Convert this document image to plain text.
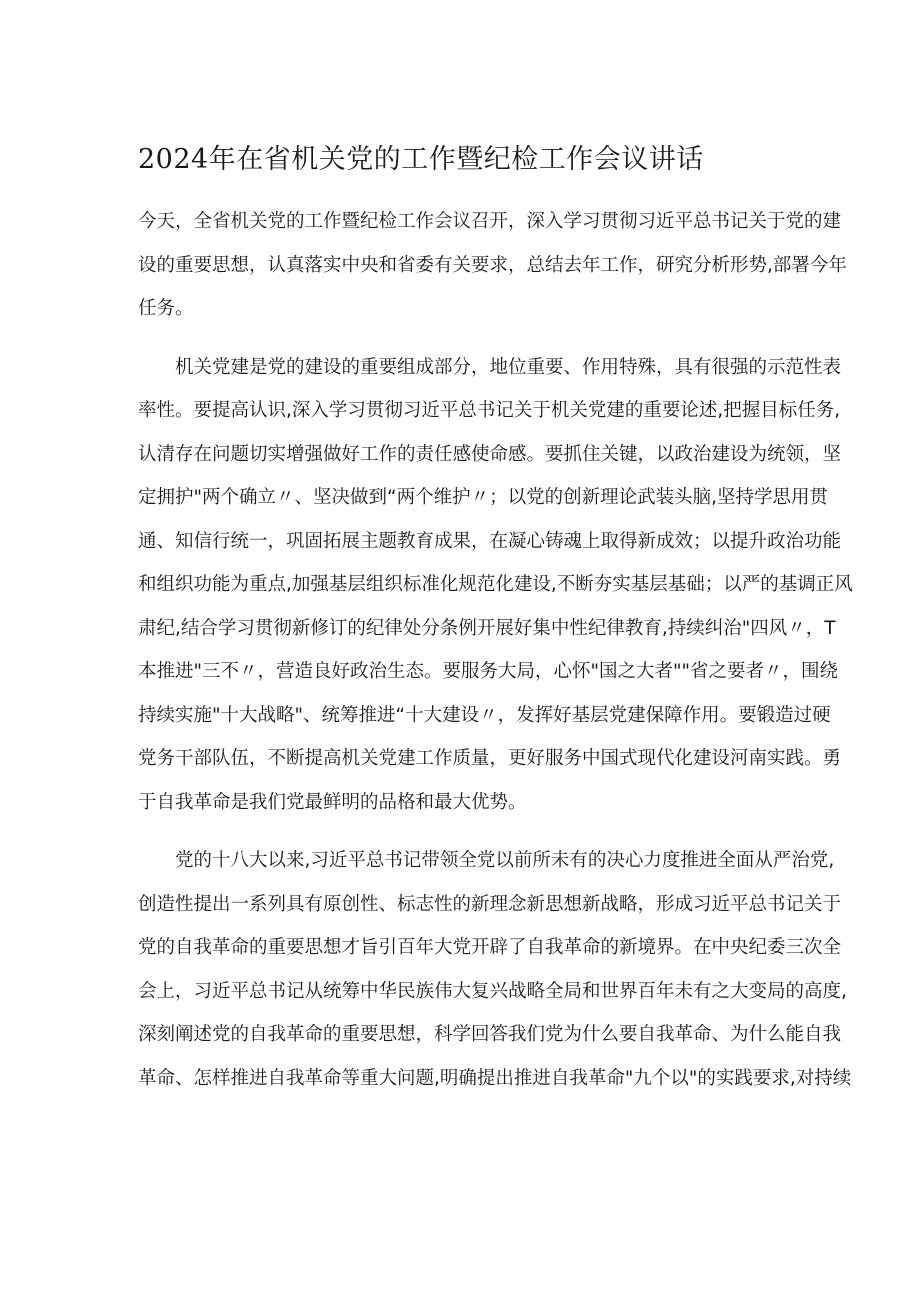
2024年在省机关党的工作暨纪检工作会议讲话
今天，全省机关党的工作暨纪检工作会议召开，深入学习贯彻习近平总书记关于党的建
设的重要思想，认真落实中央和省委有关要求，总结去年工作，研究分析形势,部署今年
任务。
　　机关党建是党的建设的重要组成部分，地位重要、作用特殊，具有很强的示范性表
率性。要提高认识,深入学习贯彻习近平总书记关于机关党建的重要论述,把握目标任务,
认清存在问题切实增强做好工作的责任感使命感。要抓住关键，以政治建设为统领，坚
定拥护"两个确立〃、坚决做到“两个维护〃；以党的创新理论武装头脑,坚持学思用贯
通、知信行统一，巩固拓展主题教育成果，在凝心铸魂上取得新成效；以提升政治功能
和组织功能为重点,加强基层组织标准化规范化建设,不断夯实基层基础；以严的基调正风
肃纪,结合学习贯彻新修订的纪律处分条例开展好集中性纪律教育,持续纠治"四风〃，T
本推进"三不〃，营造良好政治生态。要服务大局，心怀"国之大者""省之要者〃，围绕
持续实施"十大战略"、统筹推进“十大建设〃，发挥好基层党建保障作用。要锻造过硬
党务干部队伍，不断提高机关党建工作质量，更好服务中国式现代化建设河南实践。勇
于自我革命是我们党最鲜明的品格和最大优势。
　　党的十八大以来,习近平总书记带领全党以前所未有的决心力度推进全面从严治党,
创造性提出一系列具有原创性、标志性的新理念新思想新战略，形成习近平总书记关于
党的自我革命的重要思想才旨引百年大党开辟了自我革命的新境界。在中央纪委三次全
会上，习近平总书记从统筹中华民族伟大复兴战略全局和世界百年未有之大变局的高度,
深刻阐述党的自我革命的重要思想，科学回答我们党为什么要自我革命、为什么能自我
革命、怎样推进自我革命等重大问题,明确提出推进自我革命"九个以"的实践要求,对持续
